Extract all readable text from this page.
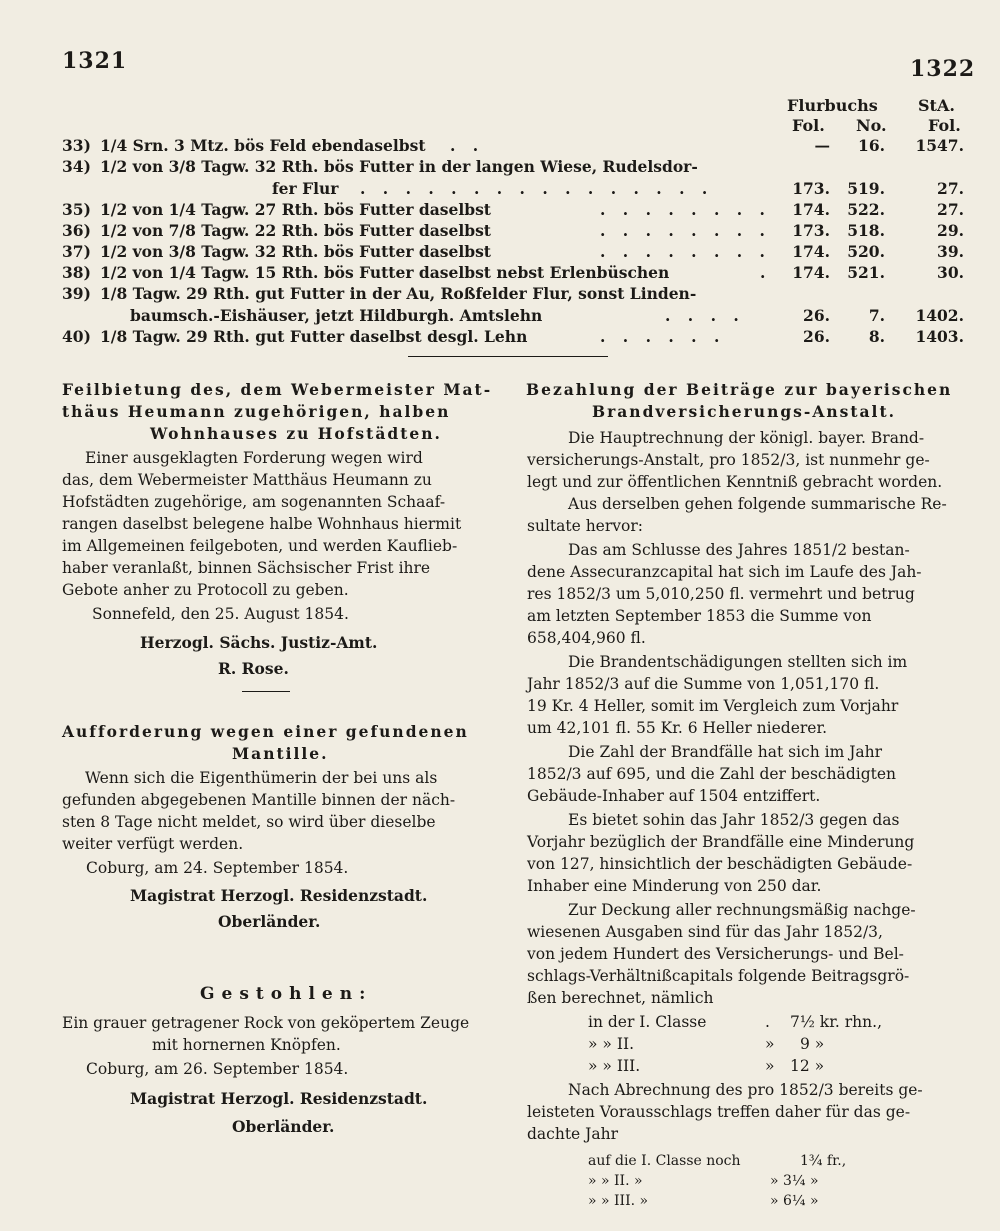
1321	1322
Flurbuchs	StA.
Fol. No.	Fol.
33) 1/4 Srn. 3 Mtz. bös Feld ebendaselbst . .	—	16.	1547.
34) 1/2 von 3/8 Tagw. 32 Rth. bös Futter in der langen Wiese, Rudelsdor-
fer Flur . . . . . . . . . . . . . . . .	173.	519.	27.
35) 1/2 von 1/4 Tagw. 27 Rth. bös Futter daselbst	. . . . . . . .	174.	522.	27.
36) 1/2 von 7/8 Tagw. 22 Rth. bös Futter daselbst	. . . . . . . .	173.	518.	29.
37) 1/2 von 3/8 Tagw. 32 Rth. bös Futter daselbst	. . . . . . . .	174.	520.	39.
38) 1/2 von 1/4 Tagw. 15 Rth. bös Futter daselbst nebst Erlenbüschen	.	174.	521.	30.
39) 1/8 Tagw. 29 Rth. gut Futter in der Au, Roßfelder Flur, sonst Linden-
baumsch.-Eishäuser, jetzt Hildburgh. Amtslehn	. . . .	26.	7.	1402.
40) 1/8 Tagw. 29 Rth. gut Futter daselbst desgl. Lehn	. . . . . .	26.	8.	1403.
Feilbietung des, dem Webermeister Mat-
thäus Heumann zugehörigen, halben
Wohnhauses zu Hofstädten.
Einer ausgeklagten Forderung wegen wird
das, dem Webermeister Matthäus Heumann zu
Hofstädten zugehörige, am sogenannten Schaaf-
rangen daselbst belegene halbe Wohnhaus hiermit
im Allgemeinen feilgeboten, und werden Kauflieb-
haber veranlaßt, binnen Sächsischer Frist ihre
Gebote anher zu Protocoll zu geben.
Sonnefeld, den 25. August 1854.
Herzogl. Sächs. Justiz-Amt.
R. Rose.
Aufforderung wegen einer gefundenen
Mantille.
Wenn sich die Eigenthümerin der bei uns als
gefunden abgegebenen Mantille binnen der näch-
sten 8 Tage nicht meldet, so wird über dieselbe
weiter verfügt werden.
Coburg, am 24. September 1854.
Magistrat Herzogl. Residenzstadt.
Oberländer.
Gestohlen:
Ein grauer getragener Rock von geköpertem Zeuge
mit hornernen Knöpfen.
Coburg, am 26. September 1854.
Magistrat Herzogl. Residenzstadt.
Oberländer.
Bezahlung der Beiträge zur bayerischen
Brandversicherungs-Anstalt.
Die Hauptrechnung der königl. bayer. Brand-
versicherungs-Anstalt, pro 1852/3, ist nunmehr ge-
legt und zur öffentlichen Kenntniß gebracht worden.
Aus derselben gehen folgende summarische Re-
sultate hervor:
Das am Schlusse des Jahres 1851/2 bestan-
dene Assecuranzcapital hat sich im Laufe des Jah-
res 1852/3 um 5,010,250 fl. vermehrt und betrug
am letzten September 1853 die Summe von
658,404,960 fl.
Die Brandentschädigungen stellten sich im
Jahr 1852/3 auf die Summe von 1,051,170 fl.
19 Kr. 4 Heller, somit im Vergleich zum Vorjahr
um 42,101 fl. 55 Kr. 6 Heller niederer.
Die Zahl der Brandfälle hat sich im Jahr
1852/3 auf 695, und die Zahl der beschädigten
Gebäude-Inhaber auf 1504 entziffert.
Es bietet sohin das Jahr 1852/3 gegen das
Vorjahr bezüglich der Brandfälle eine Minderung
von 127, hinsichtlich der beschädigten Gebäude-
Inhaber eine Minderung von 250 dar.
Zur Deckung aller rechnungsmäßig nachge-
wiesenen Ausgaben sind für das Jahr 1852/3,
von jedem Hundert des Versicherungs- und Bel-
schlags-Verhältnißcapitals folgende Beitragsgrö-
ßen berechnet, nämlich
in der I. Classe	. 7½ kr. rhn.,
» » II.	» 9 »
» » III.	» 12 »
Nach Abrechnung des pro 1852/3 bereits ge-
leisteten Vorausschlags treffen daher für das ge-
dachte Jahr
auf die I. Classe noch	1¾ fr.,
» » II. »	» 3¼ »
» » III. »	» 6¼ »
